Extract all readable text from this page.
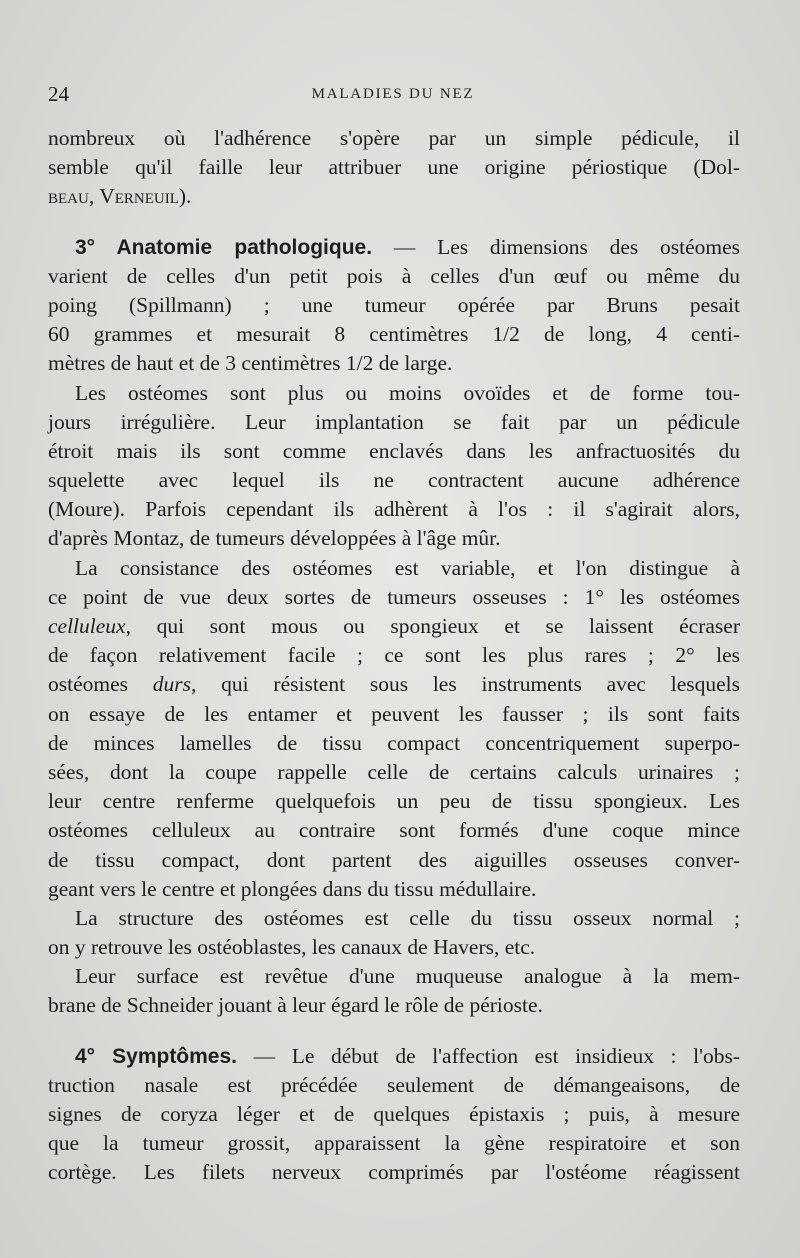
24	MALADIES DU NEZ
nombreux où l'adhérence s'opère par un simple pédicule, il
semble qu'il faille leur attribuer une origine périostique (Dol-
beau, Verneuil).
3° Anatomie pathologique. — Les dimensions des ostéomes
varient de celles d'un petit pois à celles d'un œuf ou même du
poing (Spillmann) ; une tumeur opérée par Bruns pesait
60 grammes et mesurait 8 centimètres 1/2 de long, 4 centi-
mètres de haut et de 3 centimètres 1/2 de large.
Les ostéomes sont plus ou moins ovoïdes et de forme tou-
jours irrégulière. Leur implantation se fait par un pédicule
étroit mais ils sont comme enclavés dans les anfractuosités du
squelette avec lequel ils ne contractent aucune adhérence
(Moure). Parfois cependant ils adhèrent à l'os : il s'agirait alors,
d'après Montaz, de tumeurs développées à l'âge mûr.
La consistance des ostéomes est variable, et l'on distingue à
ce point de vue deux sortes de tumeurs osseuses : 1° les ostéomes
celluleux, qui sont mous ou spongieux et se laissent écraser
de façon relativement facile ; ce sont les plus rares ; 2° les
ostéomes durs, qui résistent sous les instruments avec lesquels
on essaye de les entamer et peuvent les fausser ; ils sont faits
de minces lamelles de tissu compact concentriquement superpo-
sées, dont la coupe rappelle celle de certains calculs urinaires ;
leur centre renferme quelquefois un peu de tissu spongieux. Les
ostéomes celluleux au contraire sont formés d'une coque mince
de tissu compact, dont partent des aiguilles osseuses conver-
geant vers le centre et plongées dans du tissu médullaire.
La structure des ostéomes est celle du tissu osseux normal ;
on y retrouve les ostéoblastes, les canaux de Havers, etc.
Leur surface est revêtue d'une muqueuse analogue à la mem-
brane de Schneider jouant à leur égard le rôle de périoste.
4° Symptômes. — Le début de l'affection est insidieux : l'obs-
truction nasale est précédée seulement de démangeaisons, de
signes de coryza léger et de quelques épistaxis ; puis, à mesure
que la tumeur grossit, apparaissent la gène respiratoire et son
cortège. Les filets nerveux comprimés par l'ostéome réagissent
